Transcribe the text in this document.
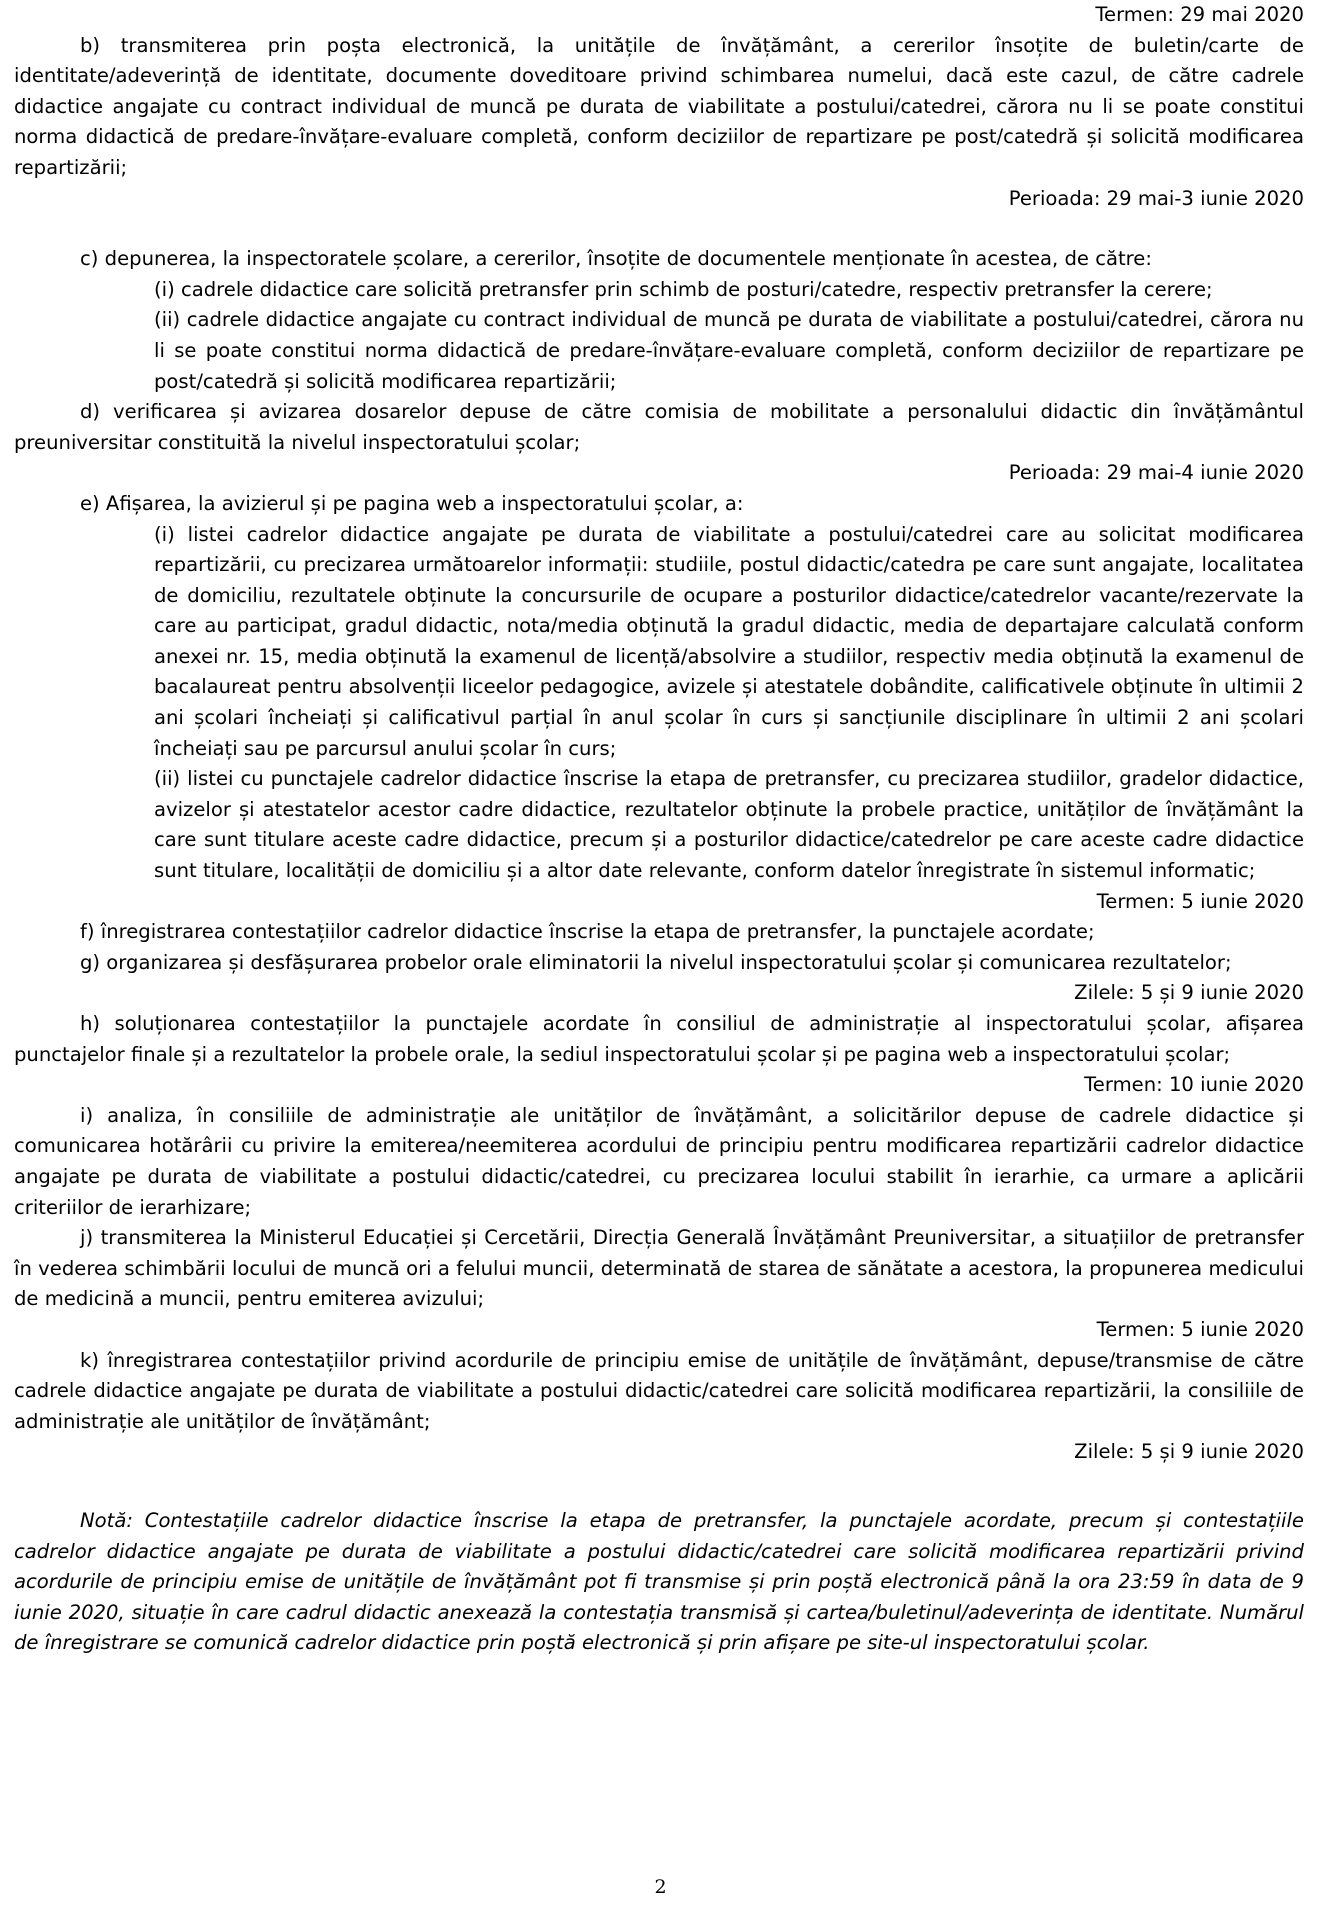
Termen: 29 mai 2020

b) transmiterea prin poșta electronică, la unitățile de învățământ, a cererilor însoțite de buletin/carte de identitate/adeverință de identitate, documente doveditoare privind schimbarea numelui, dacă este cazul, de către cadrele didactice angajate cu contract individual de muncă pe durata de viabilitate a postului/catedrei, cărora nu li se poate constitui norma didactică de predare-învățare-evaluare completă, conform deciziilor de repartizare pe post/catedră și solicită modificarea repartizării;

Perioada: 29 mai-3 iunie 2020

c) depunerea, la inspectoratele școlare, a cererilor, însoțite de documentele menționate în acestea, de către:

(i) cadrele didactice care solicită pretransfer prin schimb de posturi/catedre, respectiv pretransfer la cerere;

(ii) cadrele didactice angajate cu contract individual de muncă pe durata de viabilitate a postului/catedrei, cărora nu li se poate constitui norma didactică de predare-învățare-evaluare completă, conform deciziilor de repartizare pe post/catedră și solicită modificarea repartizării;

d) verificarea și avizarea dosarelor depuse de către comisia de mobilitate a personalului didactic din învățământul preuniversitar constituită la nivelul inspectoratului școlar;

Perioada: 29 mai-4 iunie 2020

e) Afișarea, la avizierul și pe pagina web a inspectoratului școlar, a:

(i) listei cadrelor didactice angajate pe durata de viabilitate a postului/catedrei care au solicitat modificarea repartizării, cu precizarea următoarelor informații: studiile, postul didactic/catedra pe care sunt angajate, localitatea de domiciliu, rezultatele obținute la concursurile de ocupare a posturilor didactice/catedrelor vacante/rezervate la care au participat, gradul didactic, nota/media obținută la gradul didactic, media de departajare calculată conform anexei nr. 15, media obținută la examenul de licență/absolvire a studiilor, respectiv media obținută la examenul de bacalaureat pentru absolvenții liceelor pedagogice, avizele și atestatele dobândite, calificativele obținute în ultimii 2 ani școlari încheiați și calificativul parțial în anul școlar în curs și sancțiunile disciplinare în ultimii 2 ani școlari încheiați sau pe parcursul anului școlar în curs;

(ii) listei cu punctajele cadrelor didactice înscrise la etapa de pretransfer, cu precizarea studiilor, gradelor didactice, avizelor și atestatelor acestor cadre didactice, rezultatelor obținute la probele practice, unităților de învățământ la care sunt titulare aceste cadre didactice, precum și a posturilor didactice/catedrelor pe care aceste cadre didactice sunt titulare, localității de domiciliu și a altor date relevante, conform datelor înregistrate în sistemul informatic;

Termen: 5 iunie 2020

f) înregistrarea contestațiilor cadrelor didactice înscrise la etapa de pretransfer, la punctajele acordate;

g) organizarea și desfășurarea probelor orale eliminatorii la nivelul inspectoratului școlar și comunicarea rezultatelor;

Zilele: 5 și 9 iunie 2020

h) soluționarea contestațiilor la punctajele acordate în consiliul de administrație al inspectoratului școlar, afișarea punctajelor finale și a rezultatelor la probele orale, la sediul inspectoratului școlar și pe pagina web a inspectoratului școlar;

Termen: 10 iunie 2020

i) analiza, în consiliile de administrație ale unităților de învățământ, a solicitărilor depuse de cadrele didactice și comunicarea hotărârii cu privire la emiterea/neemiterea acordului de principiu pentru modificarea repartizării cadrelor didactice angajate pe durata de viabilitate a postului didactic/catedrei, cu precizarea locului stabilit în ierarhie, ca urmare a aplicării criteriilor de ierarhizare;

j) transmiterea la Ministerul Educației și Cercetării, Direcția Generală Învățământ Preuniversitar, a situațiilor de pretransfer în vederea schimbării locului de muncă ori a felului muncii, determinată de starea de sănătate a acestora, la propunerea medicului de medicină a muncii, pentru emiterea avizului;

Termen: 5 iunie 2020

k) înregistrarea contestațiilor privind acordurile de principiu emise de unitățile de învățământ, depuse/transmise de către cadrele didactice angajate pe durata de viabilitate a postului didactic/catedrei care solicită modificarea repartizării, la consiliile de administrație ale unităților de învățământ;

Zilele: 5 și 9 iunie 2020

Notă: Contestațiile cadrelor didactice înscrise la etapa de pretransfer, la punctajele acordate, precum și contestațiile cadrelor didactice angajate pe durata de viabilitate a postului didactic/catedrei care solicită modificarea repartizării privind acordurile de principiu emise de unitățile de învățământ pot fi transmise și prin poștă electronică până la ora 23:59 în data de 9 iunie 2020, situație în care cadrul didactic anexează la contestația transmisă și cartea/buletinul/adeverința de identitate. Numărul de înregistrare se comunică cadrelor didactice prin poștă electronică și prin afișare pe site-ul inspectoratului școlar.

2
